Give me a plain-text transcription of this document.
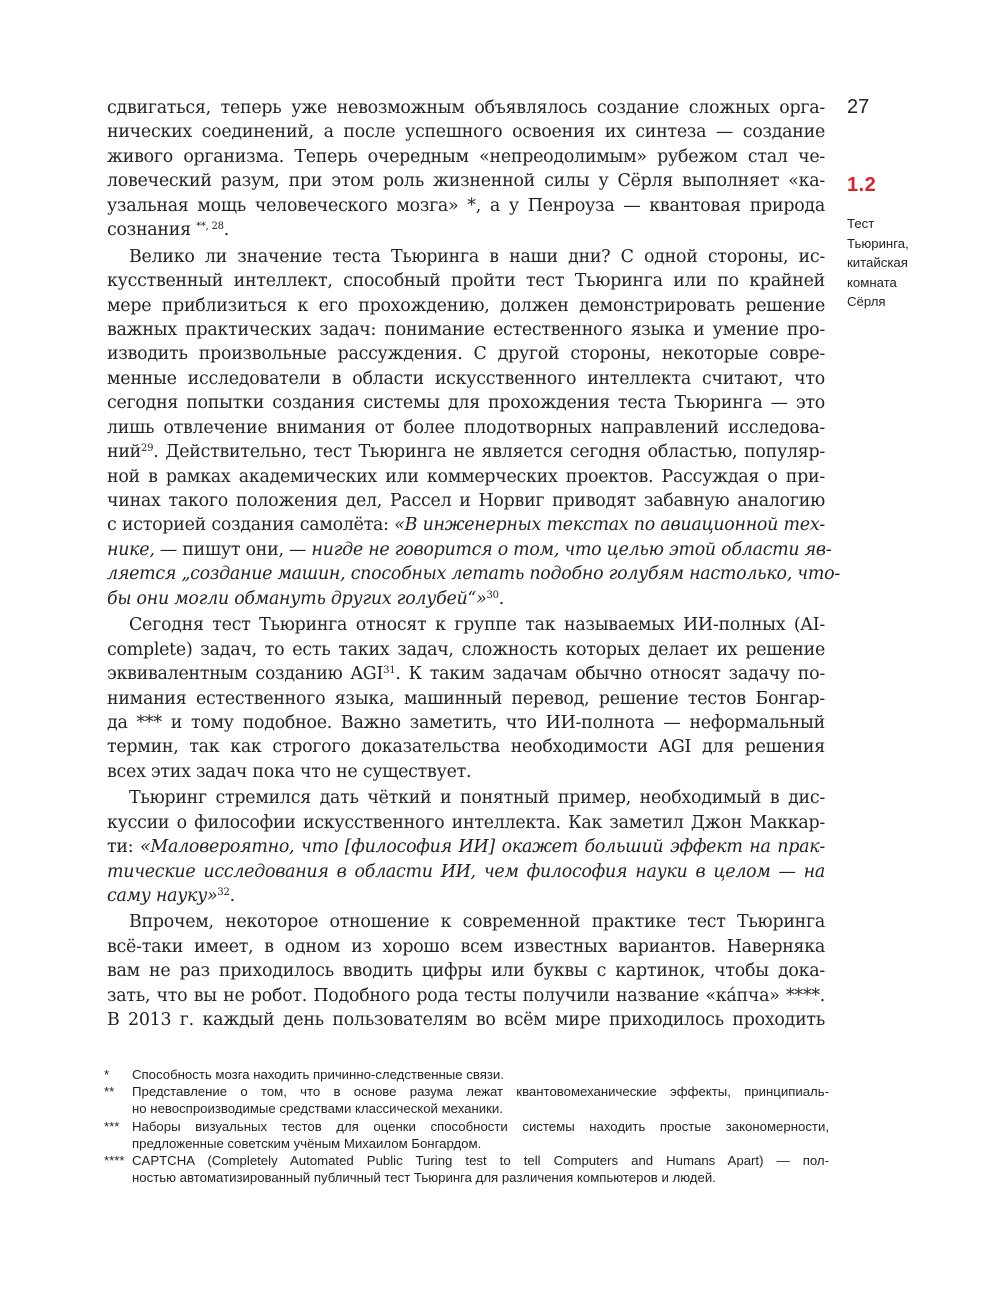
27
1.2
Тест
Тьюринга,
китайская
комната
Сёрля
сдвигаться, теперь уже невозможным объявлялось создание сложных орга-
нических соединений, а после успешного освоения их синтеза — создание
живого организма. Теперь очередным «непреодолимым» рубежом стал че-
ловеческий разум, при этом роль жизненной силы у Сёрля выполняет «ка-
узальная мощь человеческого мозга» *, а у Пенроуза — квантовая природа
сознания $^{**, 28}$.
Велико ли значение теста Тьюринга в наши дни? С одной стороны, ис-
кусственный интеллект, способный пройти тест Тьюринга или по крайней
мере приблизиться к его прохождению, должен демонстрировать решение
важных практических задач: понимание естественного языка и умение про-
изводить произвольные рассуждения. С другой стороны, некоторые совре-
менные исследователи в области искусственного интеллекта считают, что
сегодня попытки создания системы для прохождения теста Тьюринга — это
лишь отвлечение внимания от более плодотворных направлений исследова-
ний$^{29}$. Действительно, тест Тьюринга не является сегодня областью, популяр-
ной в рамках академических или коммерческих проектов. Рассуждая о при-
чинах такого положения дел, Рассел и Норвиг приводят забавную аналогию
с историей создания самолёта: «В инженерных текстах по авиационной тех-
нике, — пишут они, — нигде не говорится о том, что целью этой области яв-
ляется „создание машин, способных летать подобно голубям настолько, что-
бы они могли обмануть других голубей“»$^{30}$.
Сегодня тест Тьюринга относят к группе так называемых ИИ-полных (AI-
complete) задач, то есть таких задач, сложность которых делает их решение
эквивалентным созданию AGI$^{31}$. К таким задачам обычно относят задачу по-
нимания естественного языка, машинный перевод, решение тестов Бонгар-
да *** и тому подобное. Важно заметить, что ИИ-полнота — неформальный
термин, так как строгого доказательства необходимости AGI для решения
всех этих задач пока что не существует.
Тьюринг стремился дать чёткий и понятный пример, необходимый в дис-
куссии о философии искусственного интеллекта. Как заметил Джон Маккар-
ти: «Маловероятно, что [философия ИИ] окажет больший эффект на прак-
тические исследования в области ИИ, чем философия науки в целом — на
саму науку»$^{32}$.
Впрочем, некоторое отношение к современной практике тест Тьюринга
всё-таки имеет, в одном из хорошо всем известных вариантов. Наверняка
вам не раз приходилось вводить цифры или буквы с картинок, чтобы дока-
зать, что вы не робот. Подобного рода тесты получили название «ка́пча» ****.
В 2013 г. каждый день пользователям во всём мире приходилось проходить
*	Способность мозга находить причинно-следственные связи.
**	Представление о том, что в основе разума лежат квантовомеханические эффекты, принципиаль-
но невоспроизводимые средствами классической механики.
*** Наборы визуальных тестов для оценки способности системы находить простые закономерности,
предложенные советским учёным Михаилом Бонгардом.
**** CAPTCHA (Completely Automated Public Turing test to tell Computers and Humans Apart) — пол-
ностью автоматизированный публичный тест Тьюринга для различения компьютеров и людей.
